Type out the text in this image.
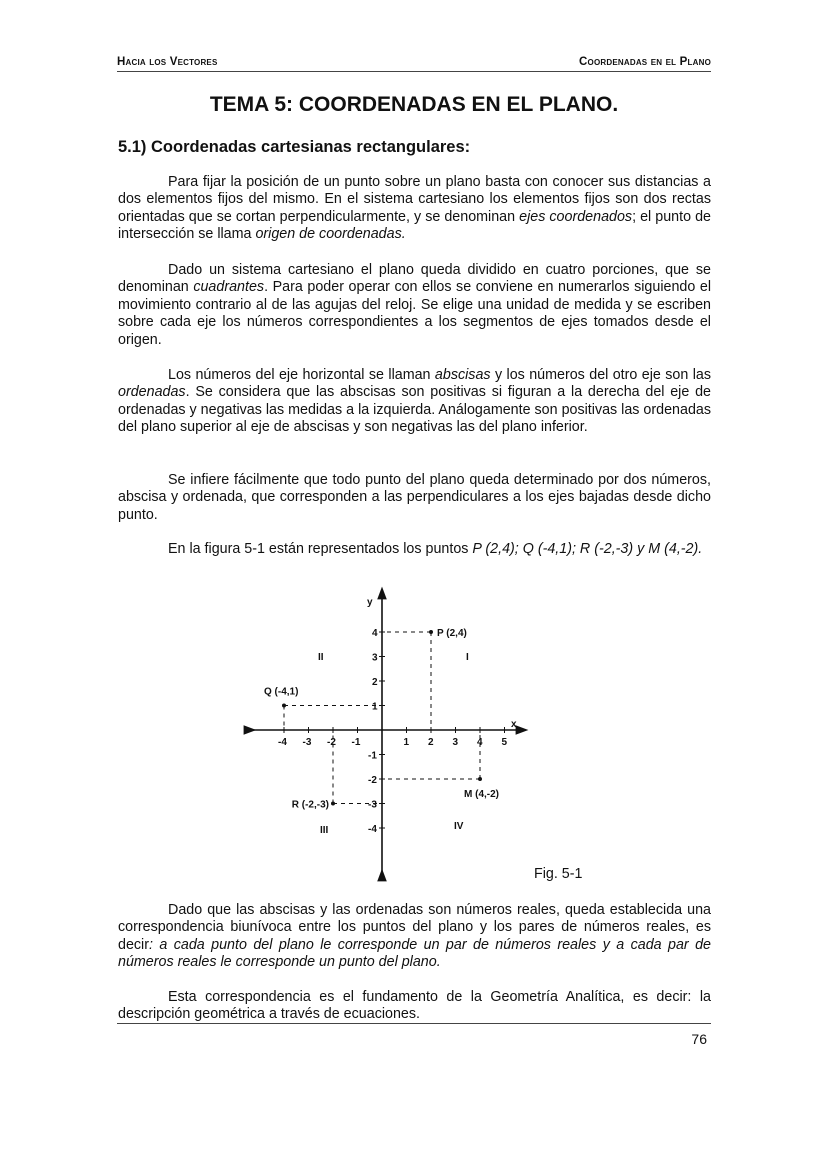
Hacia los Vectores	Coordenadas en el Plano
TEMA 5: COORDENADAS EN EL PLANO.
5.1) Coordenadas cartesianas rectangulares:

Para fijar la posición de un punto sobre un plano basta con conocer sus distancias a dos elementos fijos del mismo. En el sistema cartesiano los elementos fijos son dos rectas orientadas que se cortan perpendicularmente, y se denominan ejes coordenados; el punto de intersección se llama origen de coordenadas.

Dado un sistema cartesiano el plano queda dividido en cuatro porciones, que se denominan cuadrantes. Para poder operar con ellos se conviene en numerarlos siguiendo el movimiento contrario al de las agujas del reloj. Se elige una unidad de medida y se escriben sobre cada eje los números correspondientes a los segmentos de ejes tomados desde el origen.

Los números del eje horizontal se llaman abscisas y los números del otro eje son las ordenadas. Se considera que las abscisas son positivas si figuran a la derecha del eje de ordenadas y negativas las medidas a la izquierda. Análogamente son positivas las ordenadas del plano superior al eje de abscisas y son negativas las del plano inferior.

Se infiere fácilmente que todo punto del plano queda determinado por dos números, abscisa y ordenada, que corresponden a las perpendiculares a los ejes bajadas desde dicho punto.

En la figura 5-1 están representados los puntos P (2,4); Q (-4,1); R (-2,-3) y M (4,-2).

-4 -3 -2 -1	1 2 3 4 5
1
2
3
4
-1
-2
-3
-4
P (2,4)
Q (-4,1)
R (-2,-3)
M (4,-2)
II	I
III	IV
x
y
Fig. 5-1

Dado que las abscisas y las ordenadas son números reales, queda establecida una correspondencia biunívoca entre los puntos del plano y los pares de números reales, es decir: a cada punto del plano le corresponde un par de números reales y a cada par de números reales le corresponde un punto del plano.

Esta correspondencia es el fundamento de la Geometría Analítica, es decir: la descripción geométrica a través de ecuaciones.

76
